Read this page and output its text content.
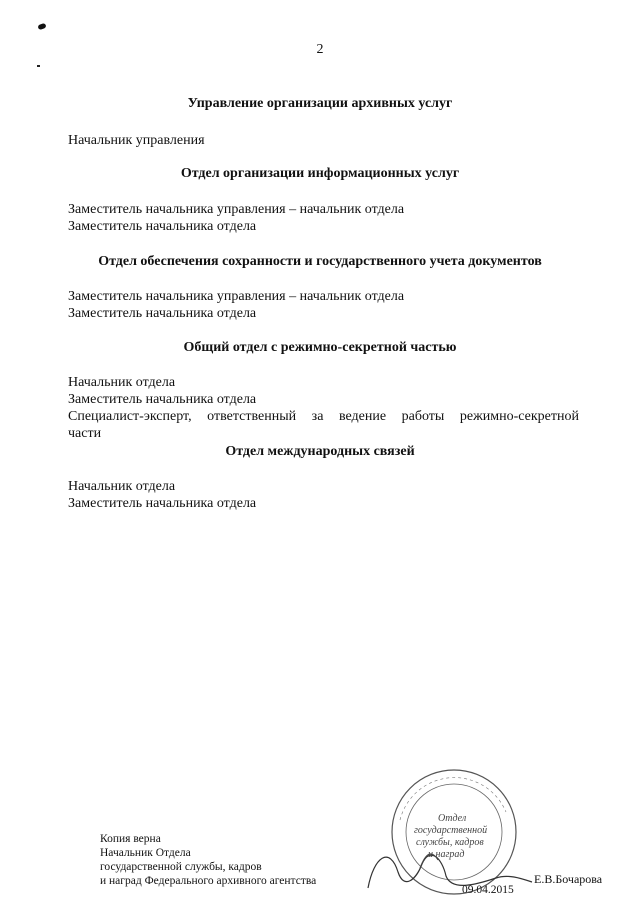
2
Управление организации архивных услуг
Начальник управления
Отдел организации информационных услуг
Заместитель начальника управления – начальник отдела
Заместитель начальника отдела
Отдел обеспечения сохранности и государственного учета документов
Заместитель начальника управления – начальник отдела
Заместитель начальника отдела
Общий отдел с режимно-секретной частью
Начальник отдела
Заместитель начальника отдела
Специалист-эксперт, ответственный за ведение работы режимно-секретной
части
Отдел международных связей
Начальник отдела
Заместитель начальника отдела
Копия верна
Начальник Отдела
государственной службы, кадров
и наград Федерального архивного агентства
Отдел
государственной
службы, кадров
и наград
Е.В.Бочарова
09.04.2015
